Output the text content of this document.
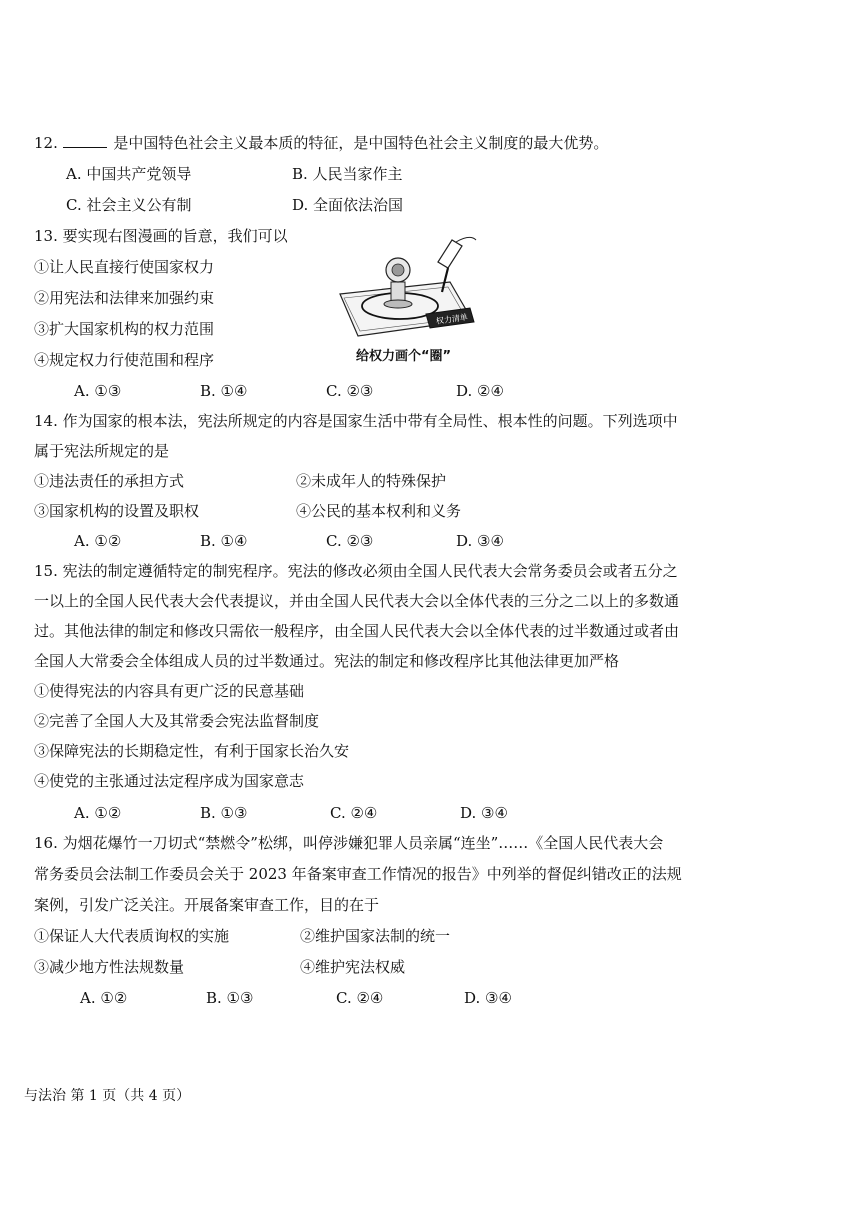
12.	是中国特色社会主义最本质的特征，是中国特色社会主义制度的最大优势。
A. 中国共产党领导	B. 人民当家作主
C. 社会主义公有制	D. 全面依法治国
13. 要实现右图漫画的旨意，我们可以
①让人民直接行使国家权力
②用宪法和法律来加强约束
③扩大国家机构的权力范围
④规定权力行使范围和程序
权力清单
给权力画个“圈”
A. ①③	B. ①④	C. ②③	D. ②④
14. 作为国家的根本法，宪法所规定的内容是国家生活中带有全局性、根本性的问题。下列选项中
属于宪法所规定的是
①违法责任的承担方式	②未成年人的特殊保护
③国家机构的设置及职权	④公民的基本权利和义务
A. ①②	B. ①④	C. ②③	D. ③④
15. 宪法的制定遵循特定的制宪程序。宪法的修改必须由全国人民代表大会常务委员会或者五分之
一以上的全国人民代表大会代表提议，并由全国人民代表大会以全体代表的三分之二以上的多数通
过。其他法律的制定和修改只需依一般程序，由全国人民代表大会以全体代表的过半数通过或者由
全国人大常委会全体组成人员的过半数通过。宪法的制定和修改程序比其他法律更加严格
①使得宪法的内容具有更广泛的民意基础
②完善了全国人大及其常委会宪法监督制度
③保障宪法的长期稳定性，有利于国家长治久安
④使党的主张通过法定程序成为国家意志
A. ①②	B. ①③	C. ②④	D. ③④
16. 为烟花爆竹一刀切式“禁燃令”松绑，叫停涉嫌犯罪人员亲属“连坐”……《全国人民代表大会
常务委员会法制工作委员会关于 2023 年备案审查工作情况的报告》中列举的督促纠错改正的法规
案例，引发广泛关注。开展备案审查工作，目的在于
①保证人大代表质询权的实施	②维护国家法制的统一
③减少地方性法规数量	④维护宪法权威
A. ①②	B. ①③	C. ②④	D. ③④
与法治 第 1 页（共 4 页）
